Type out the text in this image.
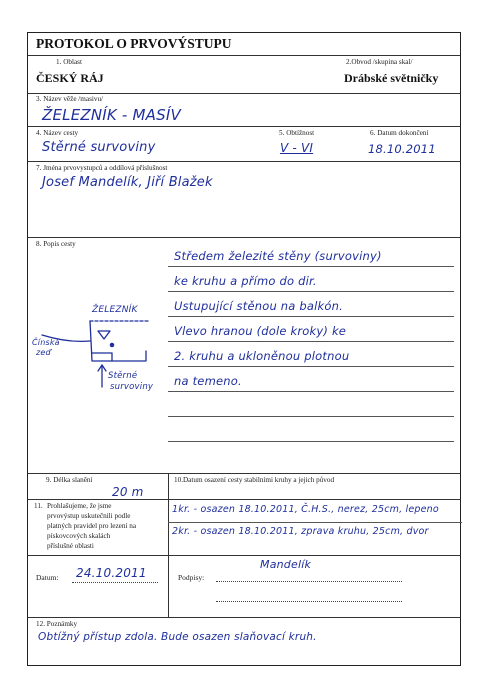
PROTOKOL O PRVOVÝSTUPU
1. Oblast
ČESKÝ RÁJ
2.Obvod /skupina skal/
Drábské světničky
3. Název věže /masivu/
ŽELEZNÍK - MASÍV
4. Název cesty
Stěrné survoviny
5. Obtížnost
V - VI
6. Datum dokončení
18.10.2011
7. Jména prvovystupců a oddílová příslušnost
Josef Mandelík, Jiří Blažek
8. Popis cesty
Středem železité stěny (survoviny)
ke kruhu a přímo do dir.
Ustupující stěnou na balkón.
Vlevo hranou (dole kroky) ke
2. kruhu a ukloněnou plotnou
na temeno.
ŽELEZNÍK
Čínská
zeď
Stěrné
survoviny
9. Délka slanění
20 m
10.Datum osazení cesty stabilními kruhy a jejich původ
11. Prohlašujeme, že jsme
prvovýstup uskutečnili podle
platných pravidel pro lezení na
pískovcových skalách
příslušné oblasti
1kr. - osazen 18.10.2011, Č.H.S., nerez, 25cm, lepeno
2kr. - osazen 18.10.2011, zprava kruhu, 25cm, dvor
Datum: 24.10.2011	Podpisy:
Mandelík
12. Poznámky
Obtížný přístup zdola. Bude osazen slaňovací kruh.
